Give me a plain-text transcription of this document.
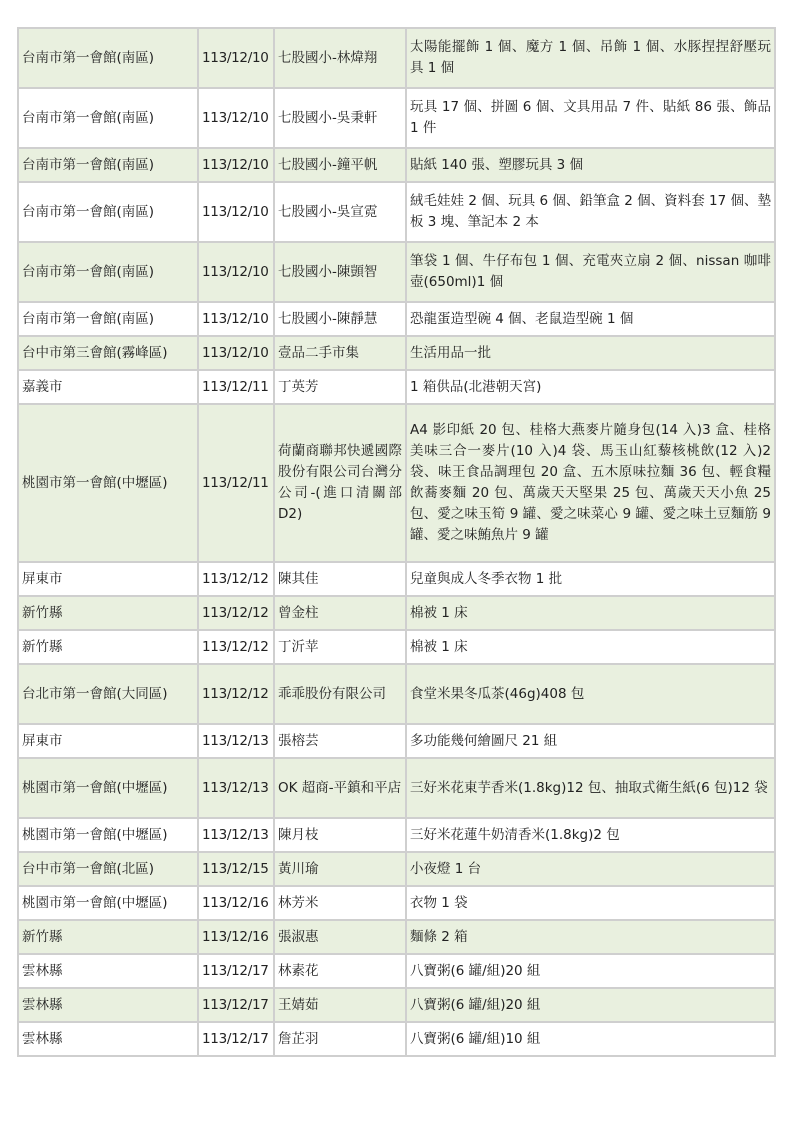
台南市第一會館(南區)	113/12/10	七股國小-林煒翔	太陽能擺飾 1 個、魔方 1 個、吊飾 1 個、水豚捏捏舒壓玩具 1 個
台南市第一會館(南區)	113/12/10	七股國小-吳秉軒	玩具 17 個、拼圖 6 個、文具用品 7 件、貼紙 86 張、飾品 1 件
台南市第一會館(南區)	113/12/10	七股國小-鐘平帆	貼紙 140 張、塑膠玩具 3 個
台南市第一會館(南區)	113/12/10	七股國小-吳宣霓	絨毛娃娃 2 個、玩具 6 個、鉛筆盒 2 個、資料套 17 個、墊板 3 塊、筆記本 2 本
台南市第一會館(南區)	113/12/10	七股國小-陳顗智	筆袋 1 個、牛仔布包 1 個、充電夾立扇 2 個、nissan 咖啡壺(650ml)1 個
台南市第一會館(南區)	113/12/10	七股國小-陳靜慧	恐龍蛋造型碗 4 個、老鼠造型碗 1 個
台中市第三會館(霧峰區)	113/12/10	壹品二手市集	生活用品一批
嘉義市	113/12/11	丁英芳	1 箱供品(北港朝天宮)
桃園市第一會館(中壢區)	113/12/11	荷蘭商聯邦快遞國際股份有限公司台灣分公司-(進口清關部 D2)	A4 影印紙 20 包、桂格大燕麥片隨身包(14 入)3 盒、桂格美味三合一麥片(10 入)4 袋、馬玉山紅藜核桃飲(12 入)2 袋、味王食品調理包 20 盒、五木原味拉麵 36 包、輕食糧飲蕎麥麵 20 包、萬歲天天堅果 25 包、萬歲天天小魚 25 包、愛之味玉筍 9 罐、愛之味菜心 9 罐、愛之味土豆麵筋 9 罐、愛之味鮪魚片 9 罐
屏東市	113/12/12	陳其佳	兒童與成人冬季衣物 1 批
新竹縣	113/12/12	曾金柱	棉被 1 床
新竹縣	113/12/12	丁沂苹	棉被 1 床
台北市第一會館(大同區)	113/12/12	乖乖股份有限公司	食堂米果冬瓜茶(46g)408 包
屏東市	113/12/13	張榕芸	多功能幾何繪圖尺 21 組
桃園市第一會館(中壢區)	113/12/13	OK 超商-平鎮和平店	三好米花東芋香米(1.8kg)12 包、抽取式衛生紙(6 包)12 袋
桃園市第一會館(中壢區)	113/12/13	陳月枝	三好米花蓮牛奶清香米(1.8kg)2 包
台中市第一會館(北區)	113/12/15	黃川瑜	小夜燈 1 台
桃園市第一會館(中壢區)	113/12/16	林芳米	衣物 1 袋
新竹縣	113/12/16	張淑惠	麵條 2 箱
雲林縣	113/12/17	林素花	八寶粥(6 罐/組)20 組
雲林縣	113/12/17	王婧茹	八寶粥(6 罐/組)20 組
雲林縣	113/12/17	詹芷羽	八寶粥(6 罐/組)10 組
